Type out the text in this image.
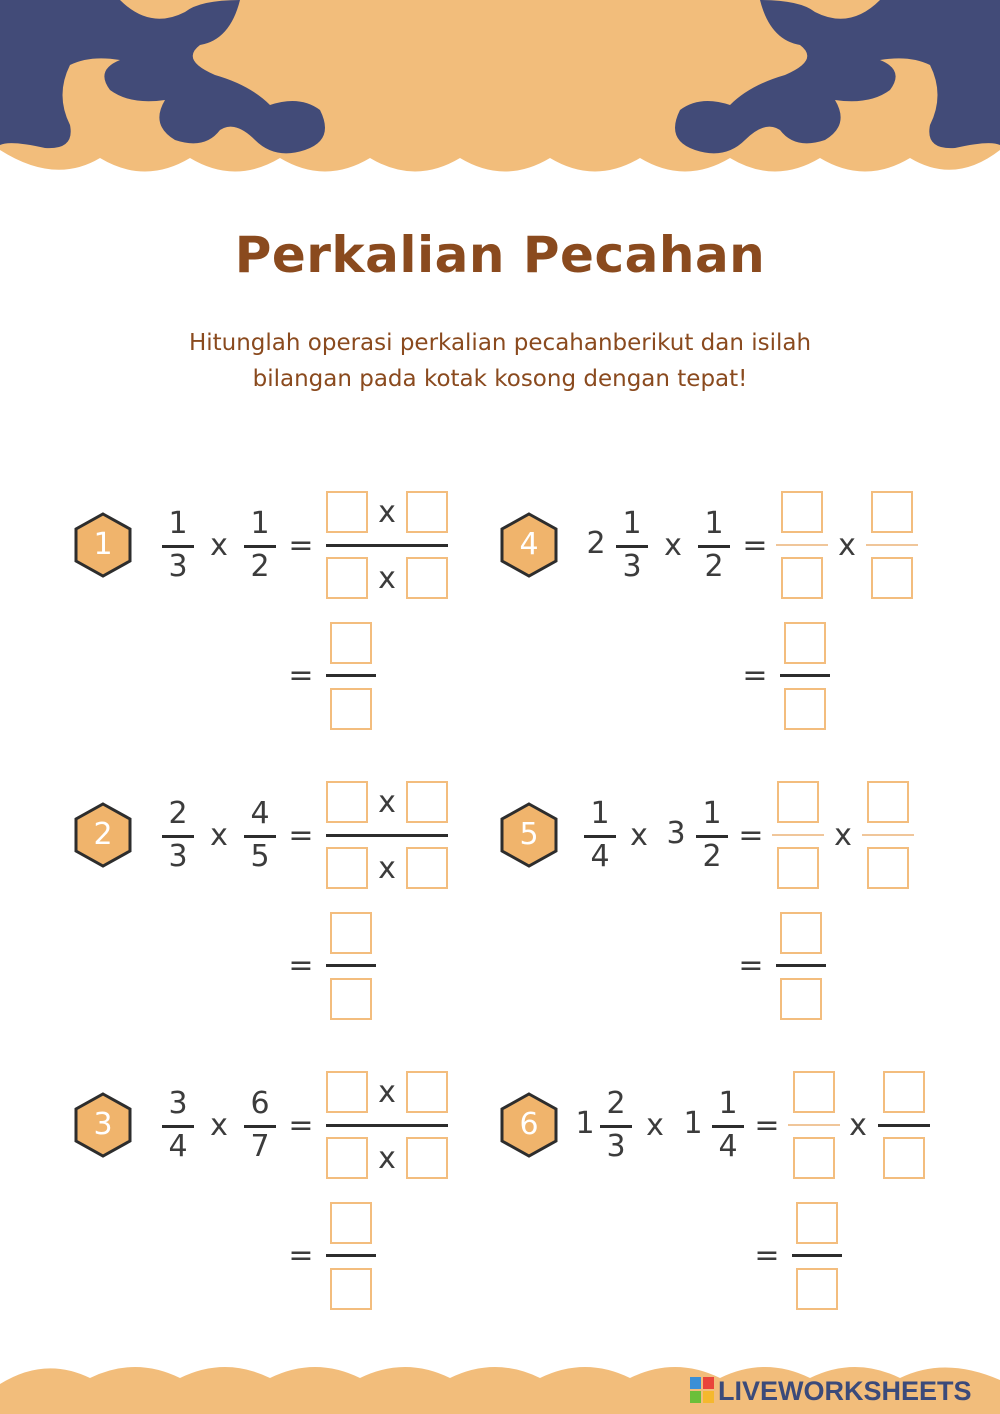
Perkalian Pecahan

Hitunglah operasi perkalian pecahanberikut dan isilah
bilangan pada kotak kosong dengan tepat!

1
1
3
x
1
2
=
x
x
=
2
2
3
x
4
5
=
x
x
=
3
3
4
x
6
7
=
x
x
=
4	2
1
3
x
1
2
= x
=
5
1
4
x 3
1
2
= x
=
6	1
2
3
x 1
1
4
= x
=
LIVEWORKSHEETS
